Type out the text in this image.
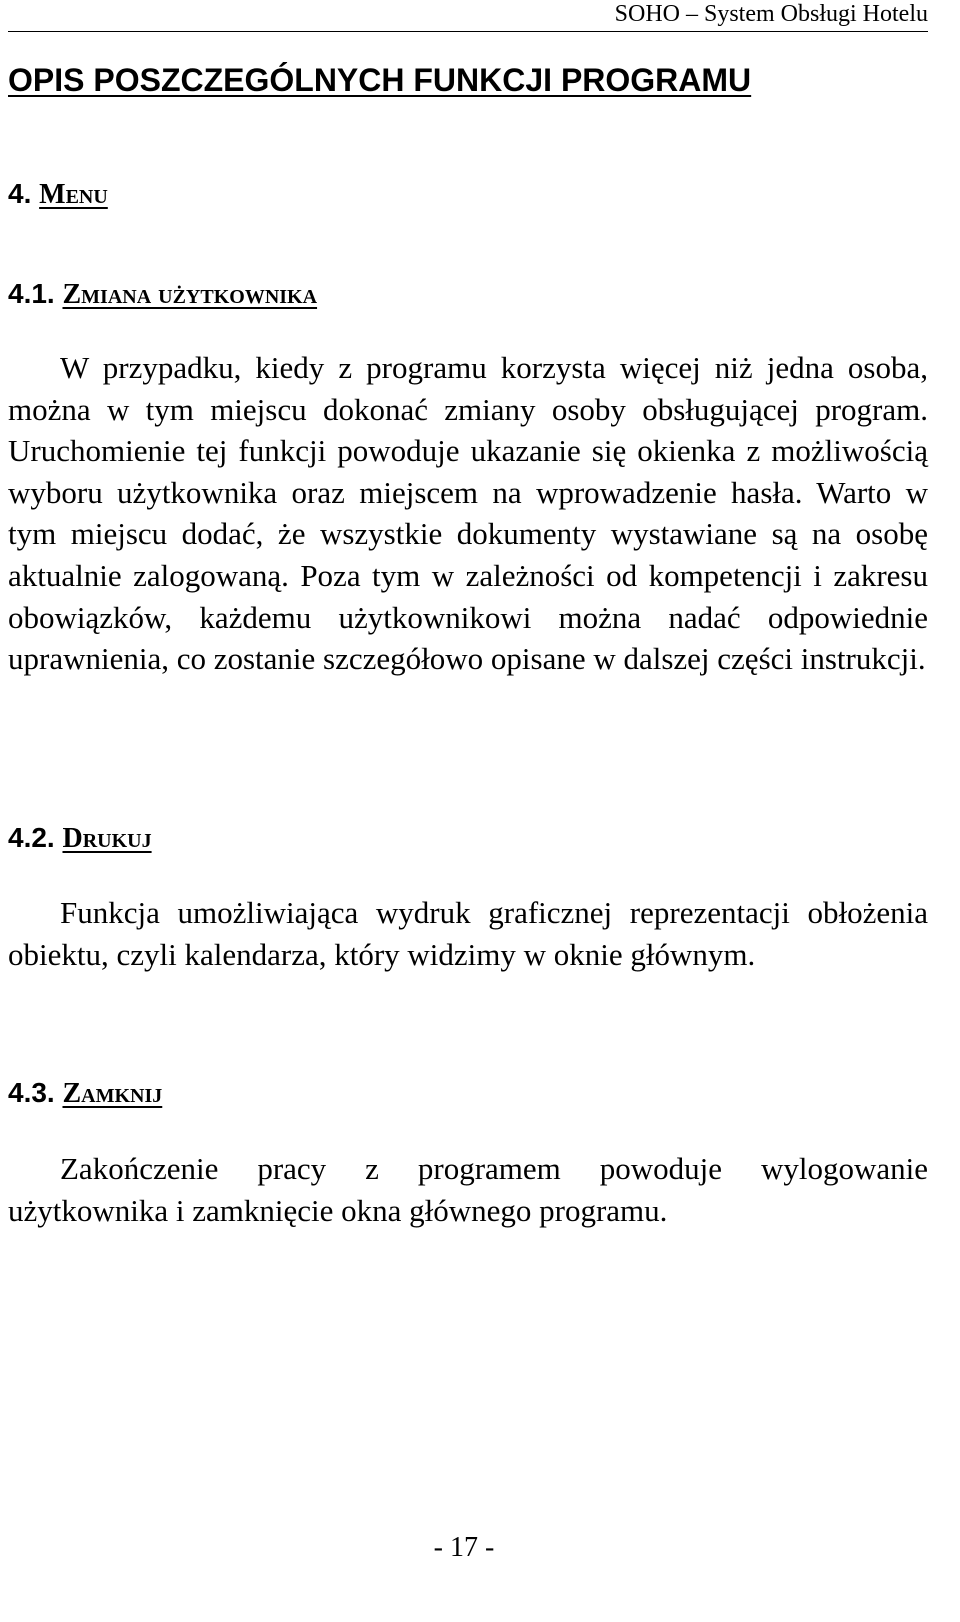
SOHO – System Obsługi Hotelu
OPIS POSZCZEGÓLNYCH FUNKCJI PROGRAMU
4. Menu
4.1. Zmiana użytkownika

W przypadku, kiedy z programu korzysta więcej niż jedna osoba, można w tym miejscu dokonać zmiany osoby obsługującej program. Uruchomienie tej funkcji powoduje ukazanie się okienka z możliwością wyboru użytkownika oraz miejscem na wprowadzenie hasła. Warto w tym miejscu dodać, że wszystkie dokumenty wystawiane są na osobę aktualnie zalogowaną. Poza tym w zależności od kompetencji i zakresu obowiązków, każdemu użytkownikowi można nadać odpowiednie uprawnienia, co zostanie szczegółowo opisane w dalszej części instrukcji.

4.2. Drukuj

Funkcja umożliwiająca wydruk graficznej reprezentacji obłożenia obiektu, czyli kalendarza, który widzimy w oknie głównym.

4.3. Zamknij

Zakończenie pracy z programem powoduje wylogowanie użytkownika i zamknięcie okna głównego programu.

- 17 -
